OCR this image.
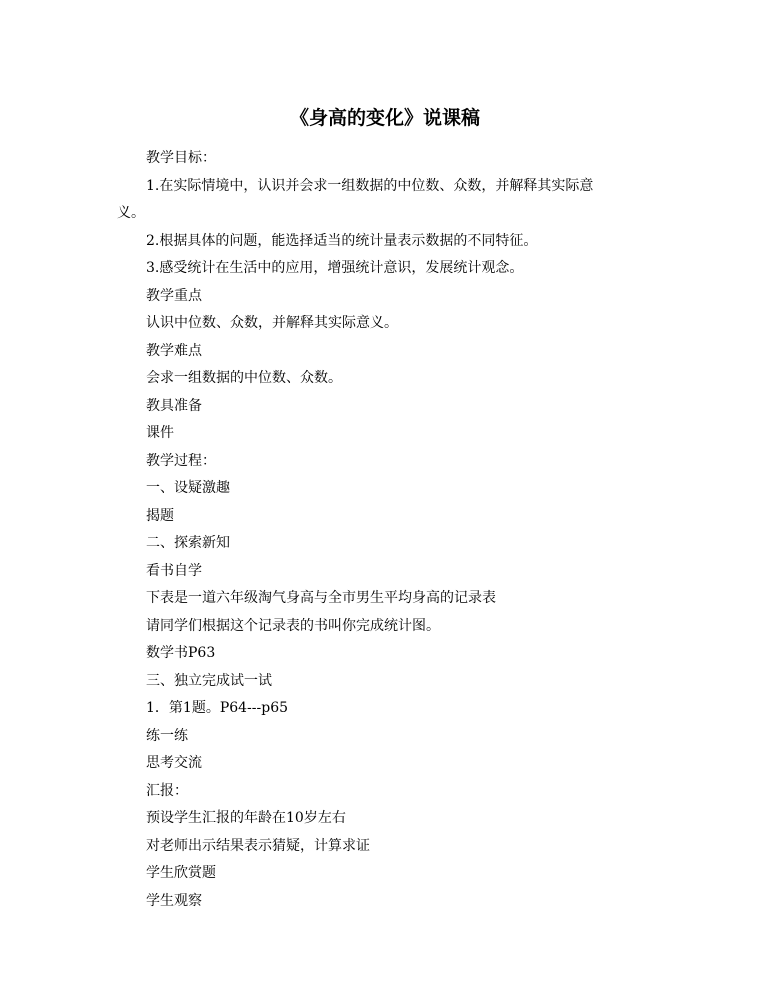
《身高的变化》说课稿
教学目标：
1.在实际情境中，认识并会求一组数据的中位数、众数，并解释其实际意
义。
2.根据具体的问题，能选择适当的统计量表示数据的不同特征。
3.感受统计在生活中的应用，增强统计意识，发展统计观念。
教学重点
认识中位数、众数，并解释其实际意义。
教学难点
会求一组数据的中位数、众数。
教具准备
课件
教学过程：
一、设疑激趣
揭题
二、探索新知
看书自学
下表是一道六年级淘气身高与全市男生平均身高的记录表
请同学们根据这个记录表的书叫你完成统计图。
数学书P63
三、独立完成试一试
1．第1题。P64---p65
练一练
思考交流
汇报：
预设学生汇报的年龄在10岁左右
对老师出示结果表示猜疑，计算求证
学生欣赏题
学生观察
